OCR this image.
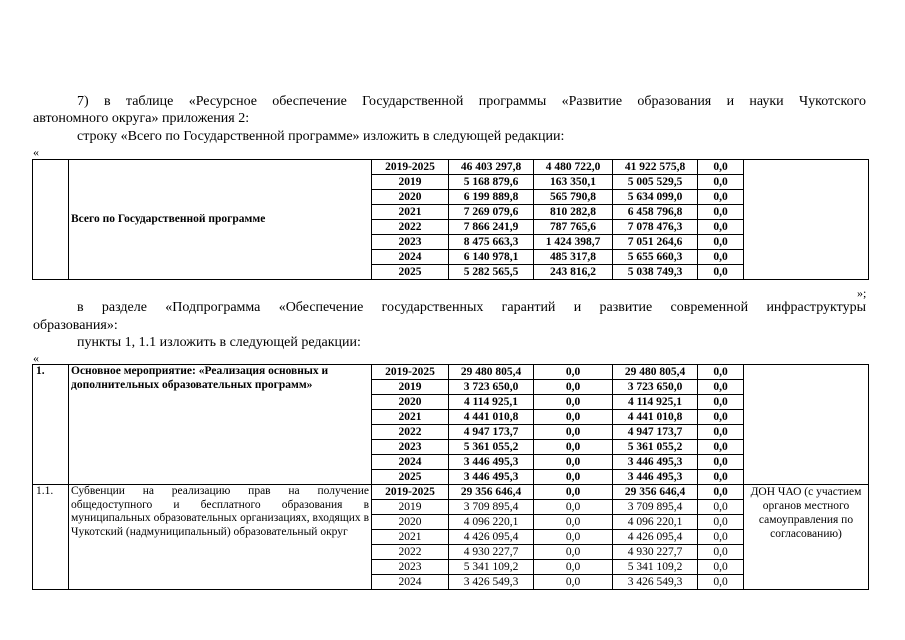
7) в таблице «Ресурсное обеспечение Государственной программы «Развитие образования и науки Чукотского
автономного округа» приложения 2:
строку «Всего по Государственной программе» изложить в следующей редакции:
«
	Всего по Государственной программе	2019-2025	46 403 297,8	4 480 722,0	41 922 575,8	0,0	
		2019	5 168 879,6	163 350,1	5 005 529,5	0,0	
		2020	6 199 889,8	565 790,8	5 634 099,0	0,0	
		2021	7 269 079,6	810 282,8	6 458 796,8	0,0	
		2022	7 866 241,9	787 765,6	7 078 476,3	0,0	
		2023	8 475 663,3	1 424 398,7	7 051 264,6	0,0	
		2024	6 140 978,1	485 317,8	5 655 660,3	0,0	
		2025	5 282 565,5	243 816,2	5 038 749,3	0,0	
»;
в разделе «Подпрограмма «Обеспечение государственных гарантий и развитие современной инфраструктуры
образования»:
пункты 1, 1.1 изложить в следующей редакции:
«
1.	Основное мероприятие: «Реализация основных и дополнительных образовательных программ»	2019-2025	29 480 805,4	0,0	29 480 805,4	0,0	
		2019	3 723 650,0	0,0	3 723 650,0	0,0	
		2020	4 114 925,1	0,0	4 114 925,1	0,0	
		2021	4 441 010,8	0,0	4 441 010,8	0,0	
		2022	4 947 173,7	0,0	4 947 173,7	0,0	
		2023	5 361 055,2	0,0	5 361 055,2	0,0	
		2024	3 446 495,3	0,0	3 446 495,3	0,0	
		2025	3 446 495,3	0,0	3 446 495,3	0,0	
1.1.	Субвенции на реализацию прав на получение общедоступного и бесплатного образования в муниципальных образовательных организациях, входящих в Чукотский (надмуниципальный) образовательный округ	2019-2025	29 356 646,4	0,0	29 356 646,4	0,0	ДОН ЧАО (с участием органов местного самоуправления по согласованию)
		2019	3 709 895,4	0,0	3 709 895,4	0,0	
		2020	4 096 220,1	0,0	4 096 220,1	0,0	
		2021	4 426 095,4	0,0	4 426 095,4	0,0	
		2022	4 930 227,7	0,0	4 930 227,7	0,0	
		2023	5 341 109,2	0,0	5 341 109,2	0,0	
		2024	3 426 549,3	0,0	3 426 549,3	0,0	
